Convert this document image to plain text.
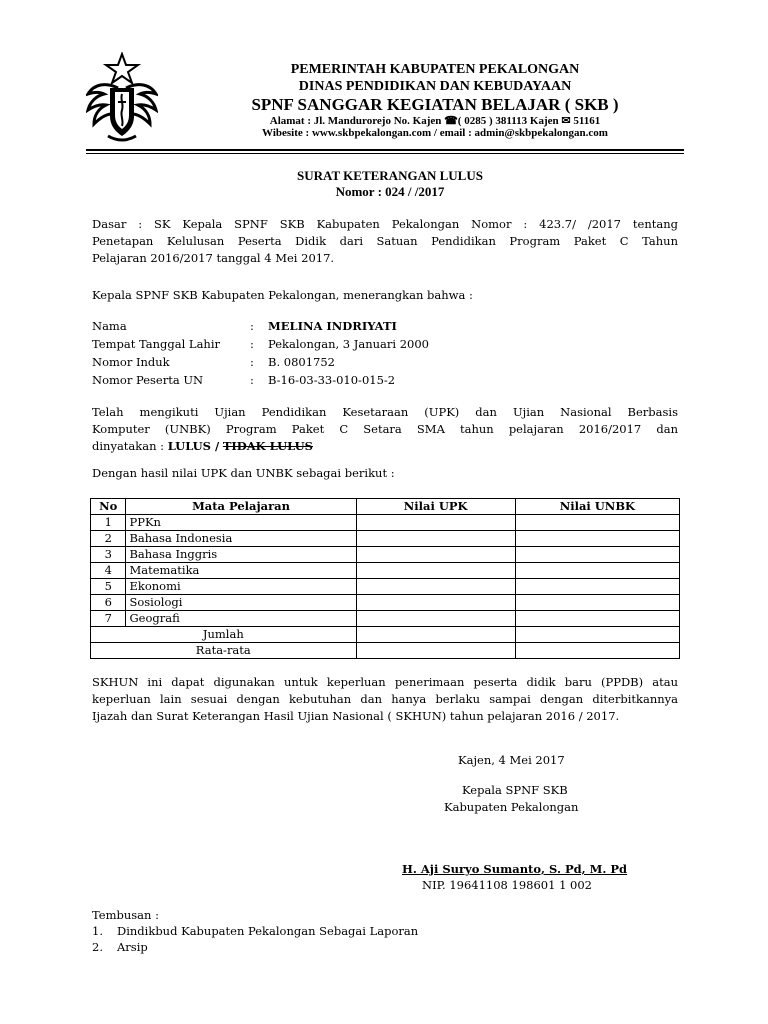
PEMERINTAH KABUPATEN PEKALONGAN
DINAS PENDIDIKAN DAN KEBUDAYAAN
SPNF SANGGAR KEGIATAN BELAJAR ( SKB )
Alamat : Jl. Mandurorejo No. Kajen ☎( 0285 ) 381113 Kajen ✉ 51161
Wibesite : www.skbpekalongan.com / email : admin@skbpekalongan.com
SURAT KETERANGAN LULUS
Nomor : 024 / /2017
Dasar : SK Kepala SPNF SKB Kabupaten Pekalongan Nomor : 423.7/ /2017 tentang
Penetapan Kelulusan Peserta Didik dari Satuan Pendidikan Program Paket C Tahun
Pelajaran 2016/2017 tanggal 4 Mei 2017.
Kepala SPNF SKB Kabupaten Pekalongan, menerangkan bahwa :
Nama	: MELINA INDRIYATI
Tempat Tanggal Lahir	: Pekalongan, 3 Januari 2000
Nomor Induk	: B. 0801752
Nomor Peserta UN	: B-16-03-33-010-015-2
Telah mengikuti Ujian Pendidikan Kesetaraan (UPK) dan Ujian Nasional Berbasis
Komputer (UNBK) Program Paket C Setara SMA tahun pelajaran 2016/2017 dan
dinyatakan : LULUS / TIDAK LULUS
Dengan hasil nilai UPK dan UNBK sebagai berikut :
No	Mata Pelajaran	Nilai UPK	Nilai UNBK
1	PPKn		
2	Bahasa Indonesia		
3	Bahasa Inggris		
4	Matematika		
5	Ekonomi		
6	Sosiologi		
7	Geografi		
Jumlah			
Rata-rata			
SKHUN ini dapat digunakan untuk keperluan penerimaan peserta didik baru (PPDB) atau
keperluan lain sesuai dengan kebutuhan dan hanya berlaku sampai dengan diterbitkannya
Ijazah dan Surat Keterangan Hasil Ujian Nasional ( SKHUN) tahun pelajaran 2016 / 2017.
Kajen, 4 Mei 2017
Kepala SPNF SKB
Kabupaten Pekalongan
H. Aji Suryo Sumanto, S. Pd, M. Pd
NIP. 19641108 198601 1 002
Tembusan :
1. Dindikbud Kabupaten Pekalongan Sebagai Laporan
2. Arsip
